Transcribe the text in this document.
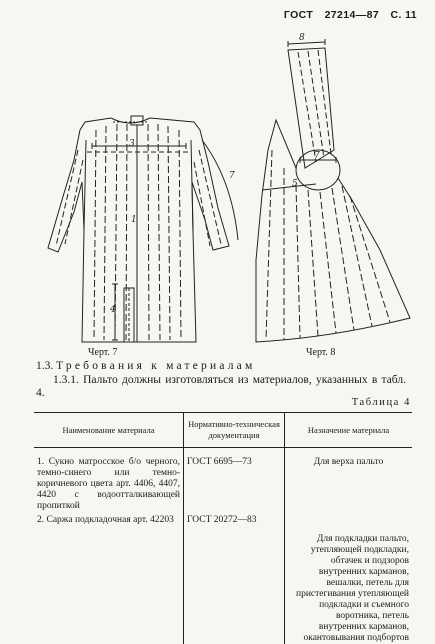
ГОСТ 27214—87 С. 11
3
7
1
4
8
7
5
Черт. 7	Черт. 8
1.3. Требования к материалам
1.3.1. Пальто должны изготовляться из материалов, указанных в табл. 4.
Таблица 4
Наименование материала	Нормативно-техническая документация	Назначение материала
1. Сукно матросское б/о черного, темно-синего или темно-коричневого цвета арт. 4406, 4407, 4420 с водоотталкивающей пропиткой	ГОСТ 6695—73	Для верха пальто
2. Саржа подкладочная арт. 42203	ГОСТ 20272—83	Для подкладки пальто, утепляющей подкладки, обтачек и подзоров внутренних карманов, вешалки, петель для пристегивания утепляющей подкладки и съемного воротника, петель внутренних карманов, окантовывания подбортов
